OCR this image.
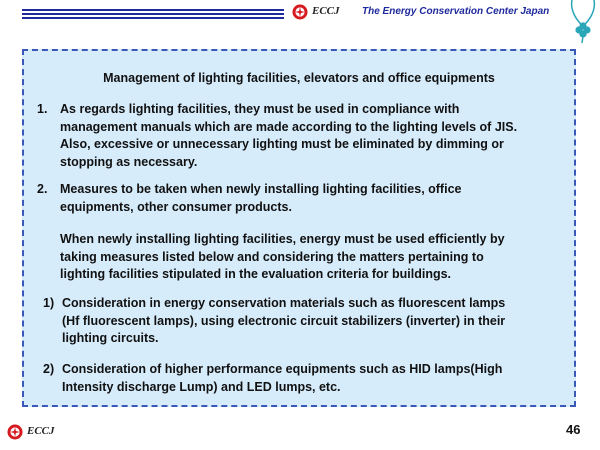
ECCJ The Energy Conservation Center Japan
Management of lighting facilities, elevators and office equipments
1. As regards lighting facilities, they must be used in compliance with
management manuals which are made according to the lighting levels of JIS.
Also, excessive or unnecessary lighting must be eliminated by dimming or
stopping as necessary.
2. Measures to be taken when newly installing lighting facilities, office
equipments, other consumer products.
When newly installing lighting facilities, energy must be used efficiently by
taking measures listed below and considering the matters pertaining to
lighting facilities stipulated in the evaluation criteria for buildings.
1) Consideration in energy conservation materials such as fluorescent lamps
(Hf fluorescent lamps), using electronic circuit stabilizers (inverter) in their
lighting circuits.
2) Consideration of higher performance equipments such as HID lamps(High
Intensity discharge Lump) and LED lumps, etc.
ECCJ	46
